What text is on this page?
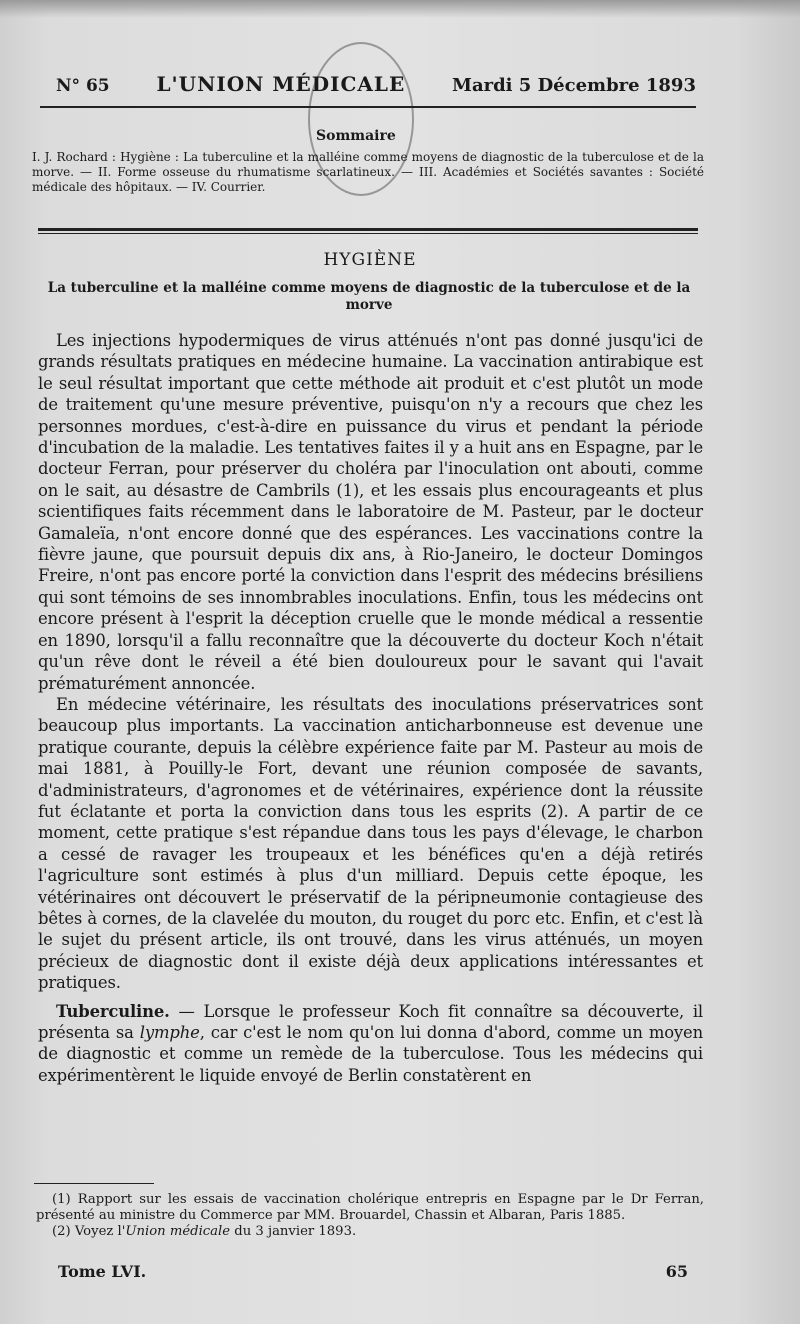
N° 65 L'UNION MÉDICALE	Mardi 5 Décembre 1893
Sommaire
I. J. Rochard : Hygiène : La tuberculine et la malléine comme moyens de diagnostic de la tuberculose et de la morve. — II. Forme osseuse du rhumatisme scarlatineux. — III. Académies et Sociétés savantes : Société médicale des hôpitaux. — IV. Courrier.
HYGIÈNE
La tuberculine et la malléine comme moyens de diagnostic de la tuberculose et de la morve

Les injections hypodermiques de virus atténués n'ont pas donné jusqu'ici de grands résultats pratiques en médecine humaine. La vaccination antirabique est le seul résultat important que cette méthode ait produit et c'est plutôt un mode de traitement qu'une mesure préventive, puisqu'on n'y a recours que chez les personnes mordues, c'est-à-dire en puissance du virus et pendant la période d'incubation de la maladie. Les tentatives faites il y a huit ans en Espagne, par le docteur Ferran, pour préserver du choléra par l'inoculation ont abouti, comme on le sait, au désastre de Cambrils (1), et les essais plus encourageants et plus scientifiques faits récemment dans le laboratoire de M. Pasteur, par le docteur Gamaleïa, n'ont encore donné que des espérances. Les vaccinations contre la fièvre jaune, que poursuit depuis dix ans, à Rio-Janeiro, le docteur Domingos Freire, n'ont pas encore porté la conviction dans l'esprit des médecins brésiliens qui sont témoins de ses innombrables inoculations. Enfin, tous les médecins ont encore présent à l'esprit la déception cruelle que le monde médical a ressentie en 1890, lorsqu'il a fallu reconnaître que la découverte du docteur Koch n'était qu'un rêve dont le réveil a été bien douloureux pour le savant qui l'avait prématurément annoncée.

En médecine vétérinaire, les résultats des inoculations préservatrices sont beaucoup plus importants. La vaccination anticharbonneuse est devenue une pratique courante, depuis la célèbre expérience faite par M. Pasteur au mois de mai 1881, à Pouilly-le Fort, devant une réunion composée de savants, d'administrateurs, d'agronomes et de vétérinaires, expérience dont la réussite fut éclatante et porta la conviction dans tous les esprits (2). A partir de ce moment, cette pratique s'est répandue dans tous les pays d'élevage, le charbon a cessé de ravager les troupeaux et les bénéfices qu'en a déjà retirés l'agriculture sont estimés à plus d'un milliard. Depuis cette époque, les vétérinaires ont découvert le préservatif de la péripneumonie contagieuse des bêtes à cornes, de la clavelée du mouton, du rouget du porc etc. Enfin, et c'est là le sujet du présent article, ils ont trouvé, dans les virus atténués, un moyen précieux de diagnostic dont il existe déjà deux applications intéressantes et pratiques.

Tuberculine. — Lorsque le professeur Koch fit connaître sa découverte, il présenta sa lymphe, car c'est le nom qu'on lui donna d'abord, comme un moyen de diagnostic et comme un remède de la tuberculose. Tous les médecins qui expérimentèrent le liquide envoyé de Berlin constatèrent en

(1) Rapport sur les essais de vaccination cholérique entrepris en Espagne par le Dr Ferran, présenté au ministre du Commerce par MM. Brouardel, Chassin et Albaran, Paris 1885.

(2) Voyez l'Union médicale du 3 janvier 1893.

Tome LVI.	65
